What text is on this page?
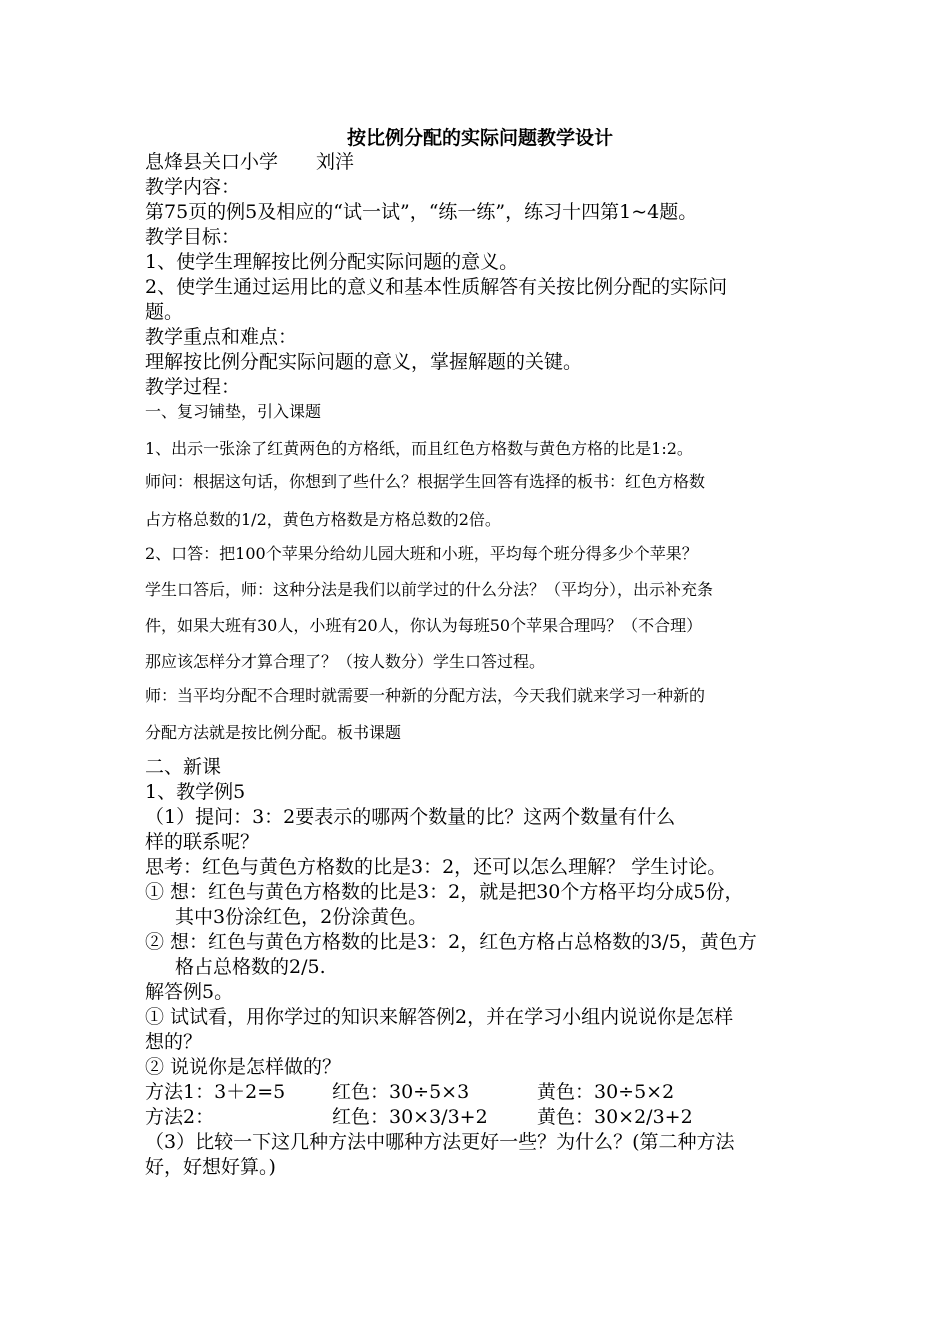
按比例分配的实际问题教学设计
息烽县关口小学 刘洋
教学内容：
第75页的例5及相应的“试一试”，“练一练”，练习十四第1~4题。
教学目标：
1、使学生理解按比例分配实际问题的意义。
2、使学生通过运用比的意义和基本性质解答有关按比例分配的实际问
题。
教学重点和难点：
理解按比例分配实际问题的意义，掌握解题的关键。
教学过程：
一、复习铺垫，引入课题
1、出示一张涂了红黄两色的方格纸，而且红色方格数与黄色方格的比是1:2。
师问：根据这句话，你想到了些什么？根据学生回答有选择的板书：红色方格数
占方格总数的1/2，黄色方格数是方格总数的2倍。
2、口答：把100个苹果分给幼儿园大班和小班，平均每个班分得多少个苹果？
学生口答后，师：这种分法是我们以前学过的什么分法？（平均分），出示补充条
件，如果大班有30人，小班有20人，你认为每班50个苹果合理吗？（不合理）
那应该怎样分才算合理了？（按人数分）学生口答过程。
师：当平均分配不合理时就需要一种新的分配方法，今天我们就来学习一种新的
分配方法就是按比例分配。板书课题
二、新课
1、教学例5
（1）提问：3：2要表示的哪两个数量的比？这两个数量有什么
样的联系呢？
思考：红色与黄色方格数的比是3：2，还可以怎么理解？ 学生讨论。
① 想：红色与黄色方格数的比是3：2，就是把30个方格平均分成5份，
其中3份涂红色，2份涂黄色。
② 想：红色与黄色方格数的比是3：2，红色方格占总格数的3/5，黄色方
格占总格数的2/5.
解答例5。
① 试试看，用你学过的知识来解答例2，并在学习小组内说说你是怎样
想的？
② 说说你是怎样做的？
方法1：3＋2=5 红色：30÷5×3	黄色：30÷5×2
方法2：	红色：30×3/3+2	黄色：30×2/3+2
（3）比较一下这几种方法中哪种方法更好一些？为什么？(第二种方法
好，好想好算。)
